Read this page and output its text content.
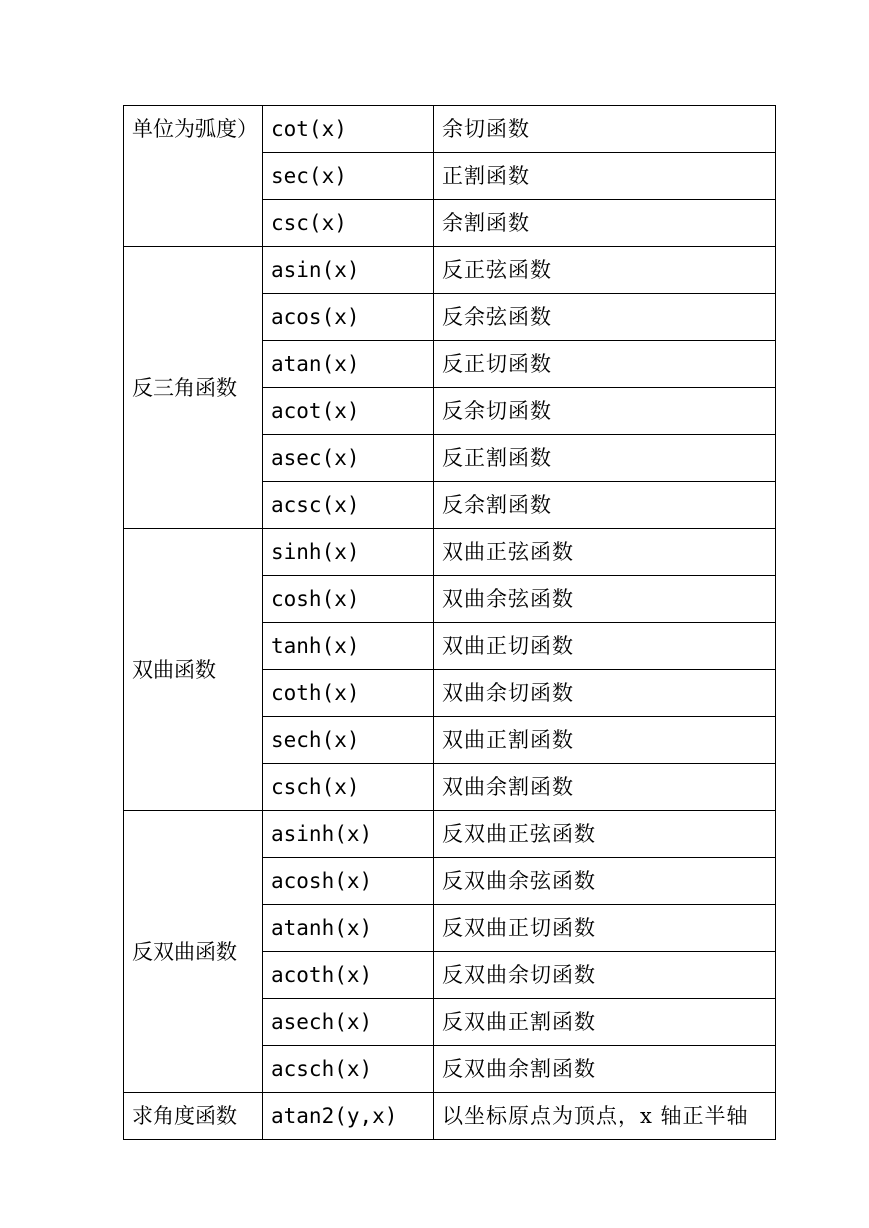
单位为弧度）	cot(x)	余切函数
	sec(x)	正割函数
	csc(x)	余割函数
反三角函数	asin(x)	反正弦函数
	acos(x)	反余弦函数
	atan(x)	反正切函数
	acot(x)	反余切函数
	asec(x)	反正割函数
	acsc(x)	反余割函数
双曲函数	sinh(x)	双曲正弦函数
	cosh(x)	双曲余弦函数
	tanh(x)	双曲正切函数
	coth(x)	双曲余切函数
	sech(x)	双曲正割函数
	csch(x)	双曲余割函数
反双曲函数	asinh(x)	反双曲正弦函数
	acosh(x)	反双曲余弦函数
	atanh(x)	反双曲正切函数
	acoth(x)	反双曲余切函数
	asech(x)	反双曲正割函数
	acsch(x)	反双曲余割函数
求角度函数	atan2(y,x)	以坐标原点为顶点，x 轴正半轴
